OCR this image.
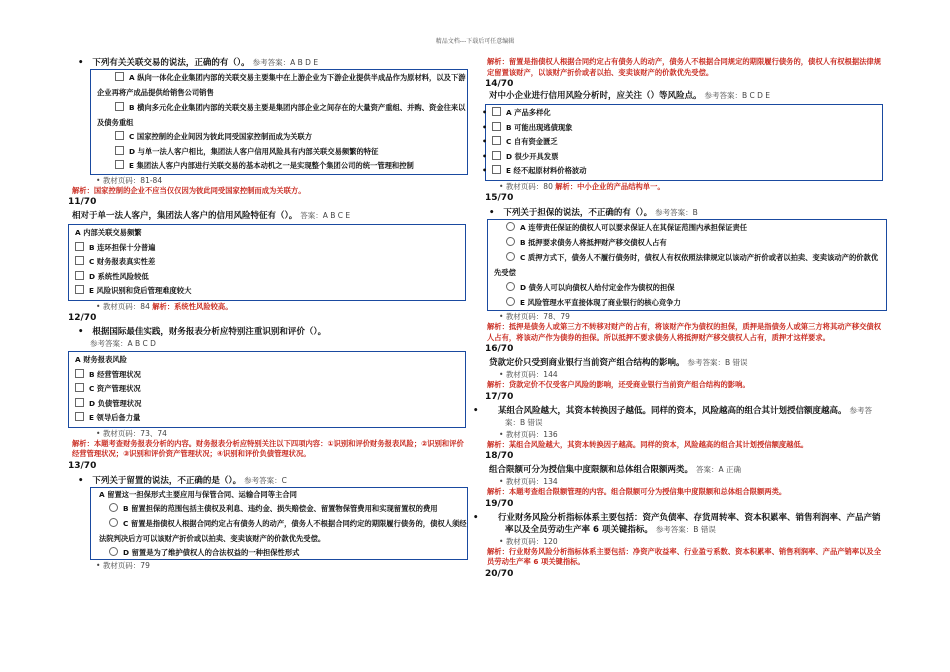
精品文档---下载后可任意编辑
• 下列有关关联交易的说法，正确的有（）。 参考答案：A B D E
A 纵向一体化企业集团内部的关联交易主要集中在上游企业为下游企业提供半成品作为原材料，以及下游企业再将产成品提供给销售公司销售
B 横向多元化企业集团内部的关联交易主要是集团内部企业之间存在的大量资产重组、并购、资金往来以及债务重组
C 国家控制的企业间因为彼此同受国家控制而成为关联方
D 与单一法人客户相比，集团法人客户信用风险具有内部关联交易频繁的特征
E 集团法人客户内部进行关联交易的基本动机之一是实现整个集团公司的统一管理和控制
• 教材页码：81-84
解析：国家控制的企业不应当仅仅因为彼此同受国家控制而成为关联方。
11/70
相对于单一法人客户，集团法人客户的信用风险特征有（）。 答案：A B C E
A 内部关联交易频繁
B 连环担保十分普遍
C 财务报表真实性差
D 系统性风险较低
E 风险识别和贷后管理难度较大
• 教材页码：84 解析：系统性风险较高。
12/70
• 根据国际最佳实践，财务报表分析应特别注重识别和评价（）。
参考答案：A B C D
A 财务报表风险
B 经营管理状况
C 资产管理状况
D 负债管理状况
E 领导后备力量
• 教材页码：73、74
解析：本题考查财务报表分析的内容。财务报表分析应特别关注以下四项内容：①识别和评价财务报表风险；②识别和评价经营管理状况；③识别和评价资产管理状况；④识别和评价负债管理状况。
13/70
• 下列关于留置的说法，不正确的是（）。 参考答案：C
A 留置这一担保形式主要应用与保管合同、运输合同等主合同
B 留置担保的范围包括主债权及利息、违约金、损失赔偿金、留置物保管费用和实现留置权的费用
C 留置是指债权人根据合同约定占有债务人的动产，债务人不根据合同约定的期限履行债务的，债权人须经法院判决后方可以该财产折价或以拍卖、变卖该财产的价款优先受偿。
D 留置是为了维护债权人的合法权益的一种担保性形式
• 教材页码：79
解析：留置是指债权人根据合同约定占有债务人的动产，债务人不根据合同规定的期限履行债务的，债权人有权根据法律规定留置该财产，以该财产折价或者以拍、变卖该财产的价款优先受偿。
14/70
对中小企业进行信用风险分析时，应关注（）等风险点。 参考答案：B C D E
•	A 产品多样化
•	B 可能出现逃债现象
•	C 自有资金匮乏
•	D 很少开具发票
•	E 经不起原材料价格波动
• 教材页码：80 解析：中小企业的产品结构单一。
15/70
• 下列关于担保的说法，不正确的有（）。 参考答案：B
A 连带责任保证的债权人可以要求保证人在其保证范围内承担保证责任
B 抵押要求债务人将抵押财产移交债权人占有
C 质押方式下，债务人不履行债务时，债权人有权依照法律规定以该动产折价或者以拍卖、变卖该动产的价款优先受偿
D 债务人可以向债权人给付定金作为债权的担保
E 风险管理水平直接体现了商业银行的核心竞争力
• 教材页码：78、79
解析：抵押是债务人或第三方不转移对财产的占有，将该财产作为债权的担保，质押是指债务人或第三方将其动产移交债权人占有，将该动产作为债券的担保。所以抵押不要求债务人将抵押财产移交债权人占有，质押才这样要求。
16/70
贷款定价只受到商业银行当前资产组合结构的影响。 参考答案：B 错误
• 教材页码：144
解析：贷款定价不仅受客户风险的影响，还受商业银行当前资产组合结构的影响。
17/70
• 某组合风险越大，其资本转换因子越低。同样的资本，风险越高的组合其计划授信额度越高。 参考答案：B 错误
• 教材页码：136
解析：某组合风险越大，其资本转换因子越高。同样的资本，风险越高的组合其计划授信额度越低。
18/70
组合限额可分为授信集中度限额和总体组合限额两类。 答案：A 正确
• 教材页码：134
解析：本题考查组合限额管理的内容。组合限额可分为授信集中度限额和总体组合限额两类。
19/70
• 行业财务风险分析指标体系主要包括：资产负债率、存货周转率、资本积累率、销售利润率、产品产销率以及全员劳动生产率 6 项关键指标。 参考答案：B 错误
• 教材页码：120
解析：行业财务风险分析指标体系主要包括：净资产收益率、行业盈亏系数、资本积累率、销售利润率、产品产销率以及全员劳动生产率 6 项关键指标。
20/70
